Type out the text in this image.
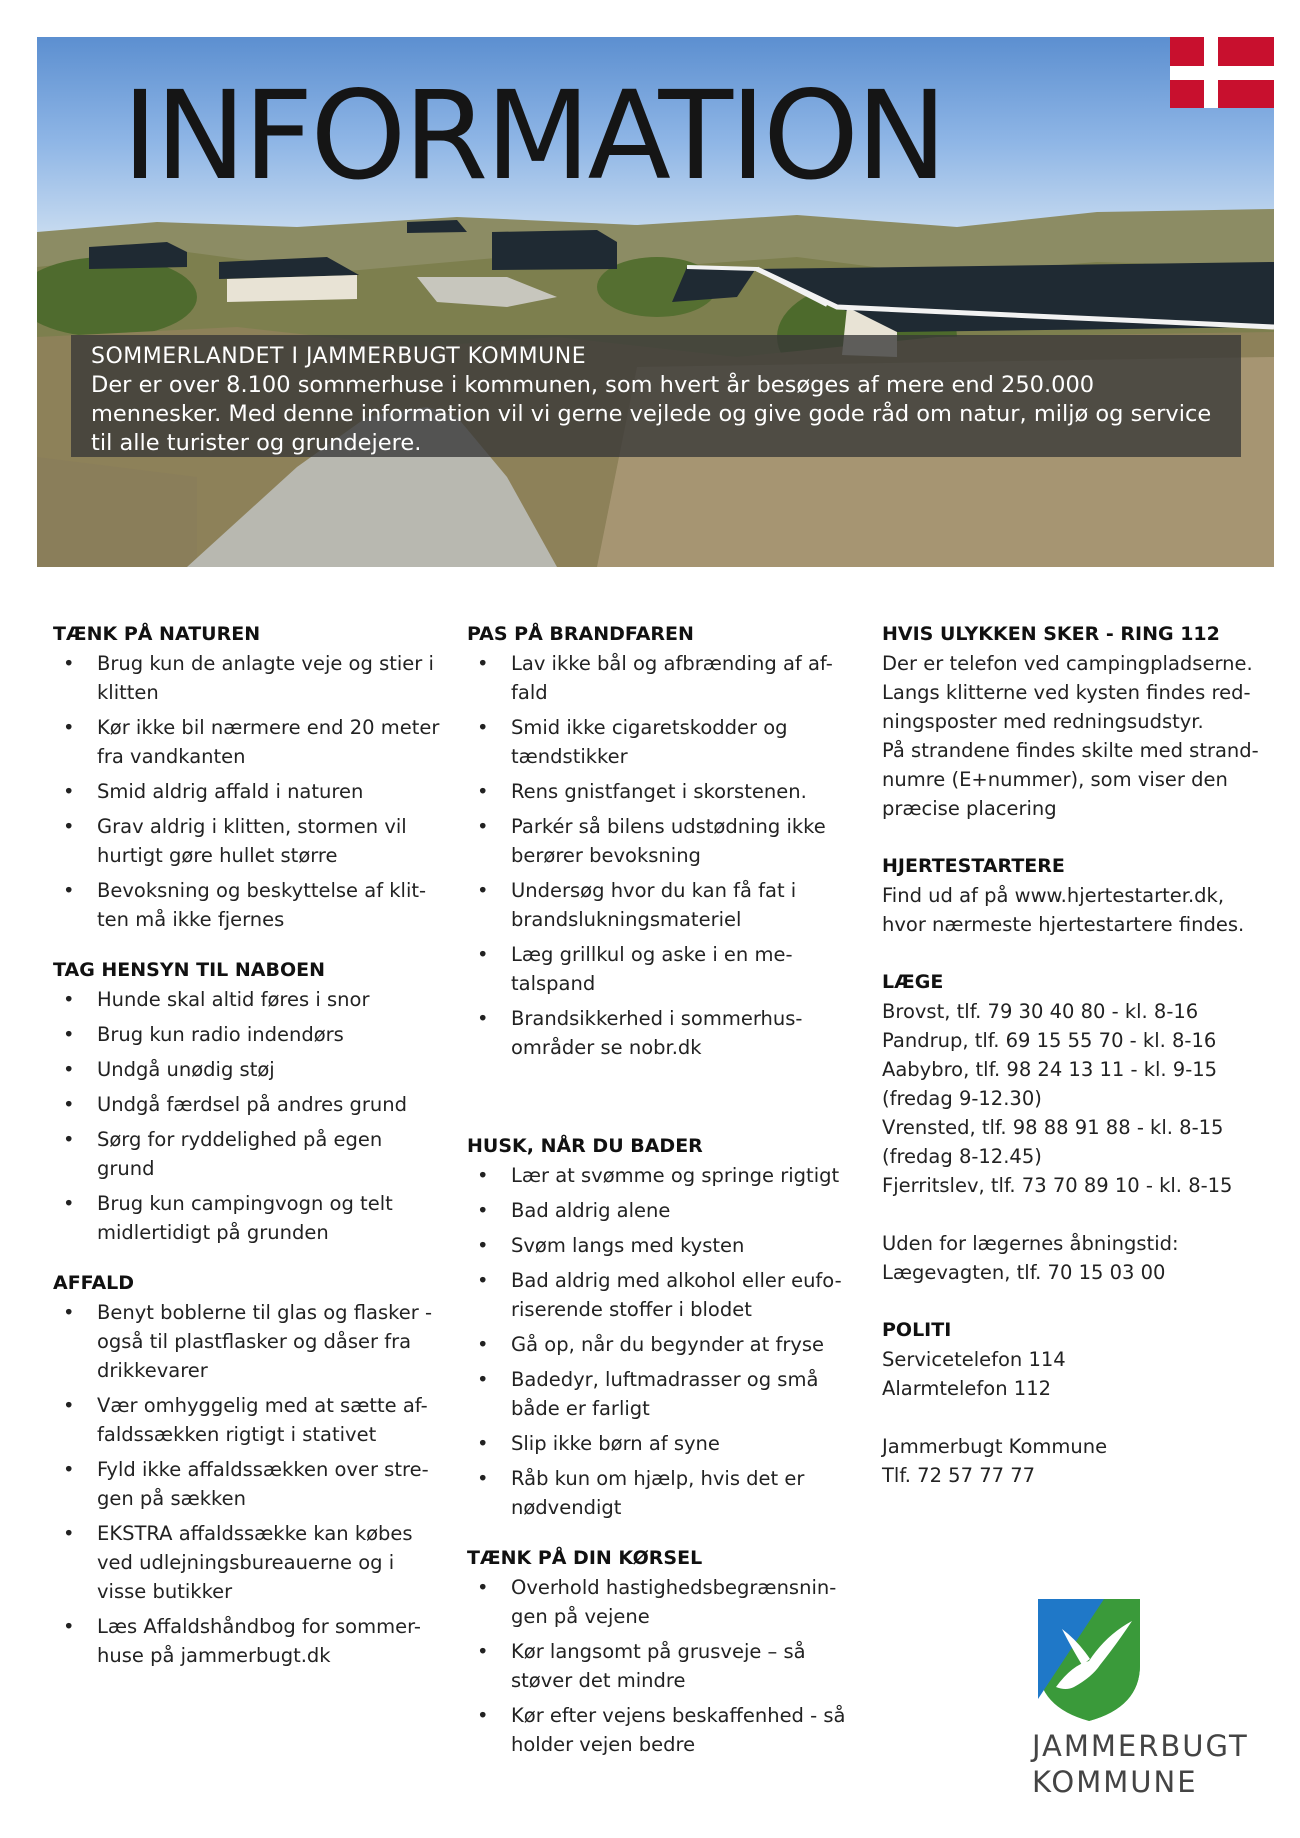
INFORMATION
SOMMERLANDET I JAMMERBUGT KOMMUNE
Der er over 8.100 sommerhuse i kommunen, som hvert år besøges af mere end 250.000 mennesker. Med denne information vil vi gerne vejlede og give gode råd om natur, miljø og service til alle turister og grundejere.
TÆNK PÅ NATUREN
• Brug kun de anlagte veje og stier i klitten
• Kør ikke bil nærmere end 20 meter fra vandkanten
• Smid aldrig affald i naturen
• Grav aldrig i klitten, stormen vil hurtigt gøre hullet større
• Bevoksning og beskyttelse af klit-ten må ikke fjernes
TAG HENSYN TIL NABOEN
• Hunde skal altid føres i snor
• Brug kun radio indendørs
• Undgå unødig støj
• Undgå færdsel på andres grund
• Sørg for ryddelighed på egen grund
• Brug kun campingvogn og telt midlertidigt på grunden
AFFALD
• Benyt boblerne til glas og flasker - også til plastflasker og dåser fra drikkevarer
• Vær omhyggelig med at sætte af-faldssækken rigtigt i stativet
• Fyld ikke affaldssækken over stre-gen på sækken
• EKSTRA affaldssække kan købes ved udlejningsbureauerne og i visse butikker
• Læs Affaldshåndbog for sommer-huse på jammerbugt.dk
PAS PÅ BRANDFAREN
• Lav ikke bål og afbrænding af af-fald
• Smid ikke cigaretskodder og tændstikker
• Rens gnistfanget i skorstenen.
• Parkér så bilens udstødning ikke berører bevoksning
• Undersøg hvor du kan få fat i brandslukningsmateriel
• Læg grillkul og aske i en me-talspand
• Brandsikkerhed i sommerhus-områder se nobr.dk
HUSK, NÅR DU BADER
• Lær at svømme og springe rigtigt
• Bad aldrig alene
• Svøm langs med kysten
• Bad aldrig med alkohol eller eufo-riserende stoffer i blodet
• Gå op, når du begynder at fryse
• Badedyr, luftmadrasser og små både er farligt
• Slip ikke børn af syne
• Råb kun om hjælp, hvis det er nødvendigt
TÆNK PÅ DIN KØRSEL
• Overhold hastighedsbegrænsnin-gen på vejene
• Kør langsomt på grusveje – så støver det mindre
• Kør efter vejens beskaffenhed - så holder vejen bedre
HVIS ULYKKEN SKER - RING 112

Der er telefon ved campingpladserne.

Langs klitterne ved kysten findes red-

ningsposter med redningsudstyr.

På strandene findes skilte med strand-

numre (E+nummer), som viser den

præcise placering

HJERTESTARTERE

Find ud af på www.hjertestarter.dk,

hvor nærmeste hjertestartere findes.

LÆGE

Brovst, tlf. 79 30 40 80 - kl. 8-16

Pandrup, tlf. 69 15 55 70 - kl. 8-16

Aabybro, tlf. 98 24 13 11 - kl. 9-15

(fredag 9-12.30)

Vrensted, tlf. 98 88 91 88 - kl. 8-15

(fredag 8-12.45)

Fjerritslev, tlf. 73 70 89 10 - kl. 8-15

Uden for lægernes åbningstid:

Lægevagten, tlf. 70 15 03 00

POLITI

Servicetelefon 114

Alarmtelefon 112

Jammerbugt Kommune

Tlf. 72 57 77 77

JAMMERBUGT
KOMMUNE
